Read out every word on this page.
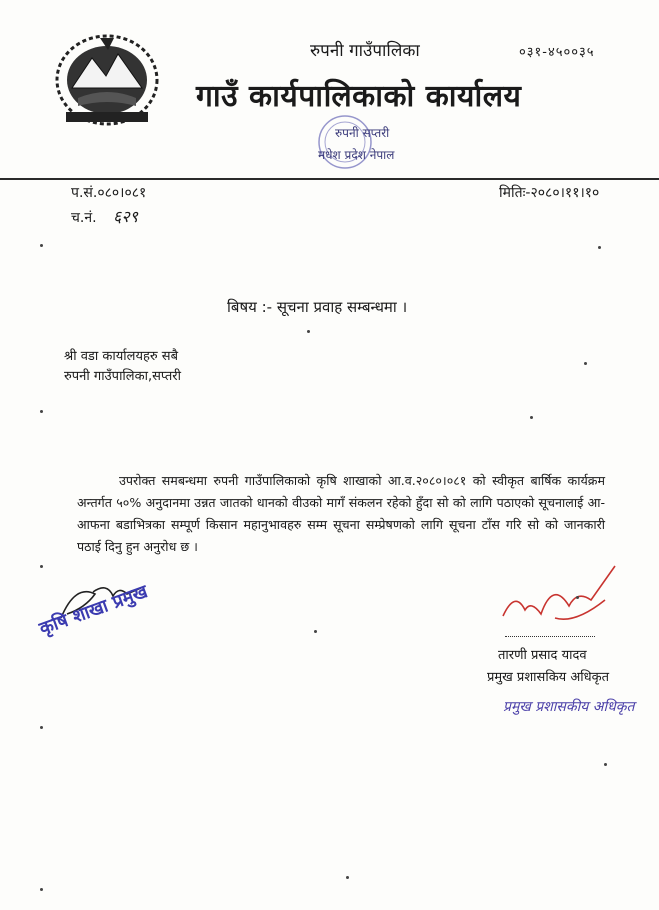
रुपनी गाउँपालिका	०३१-४५००३५
गाउँ कार्यपालिकाको कार्यालय
रुपनी सप्तरी
मधेश प्रदेश नेपाल
प.सं.०८०।०८१
च.नं. ६२९
मितिः-२०८०।११।१०
बिषय :- सूचना प्रवाह सम्बन्धमा ।
श्री वडा कार्यालयहरु सबै
रुपनी गाउँपालिका,सप्तरी
उपरोक्त समबन्धमा रुपनी गाउँपालिकाको कृषि शाखाको आ.व.२०८०।०८१ को स्वीकृत बार्षिक कार्यक्रम अन्तर्गत ५०% अनुदानमा उन्नत जातको धानको वीउको मागँ संकलन रहेको हुँदा सो को लागि पठाएको सूचनालाई आ-आफना बडाभित्रका सम्पूर्ण किसान महानुभावहरु सम्म सूचना सम्प्रेषणको लागि सूचना टाँस गरि सो को जानकारी पठाई दिनु हुन अनुरोध छ ।
कृषि शाखा प्रमुख
तारणी प्रसाद यादव
प्रमुख प्रशासकिय अधिकृत
प्रमुख प्रशासकीय अधिकृत
